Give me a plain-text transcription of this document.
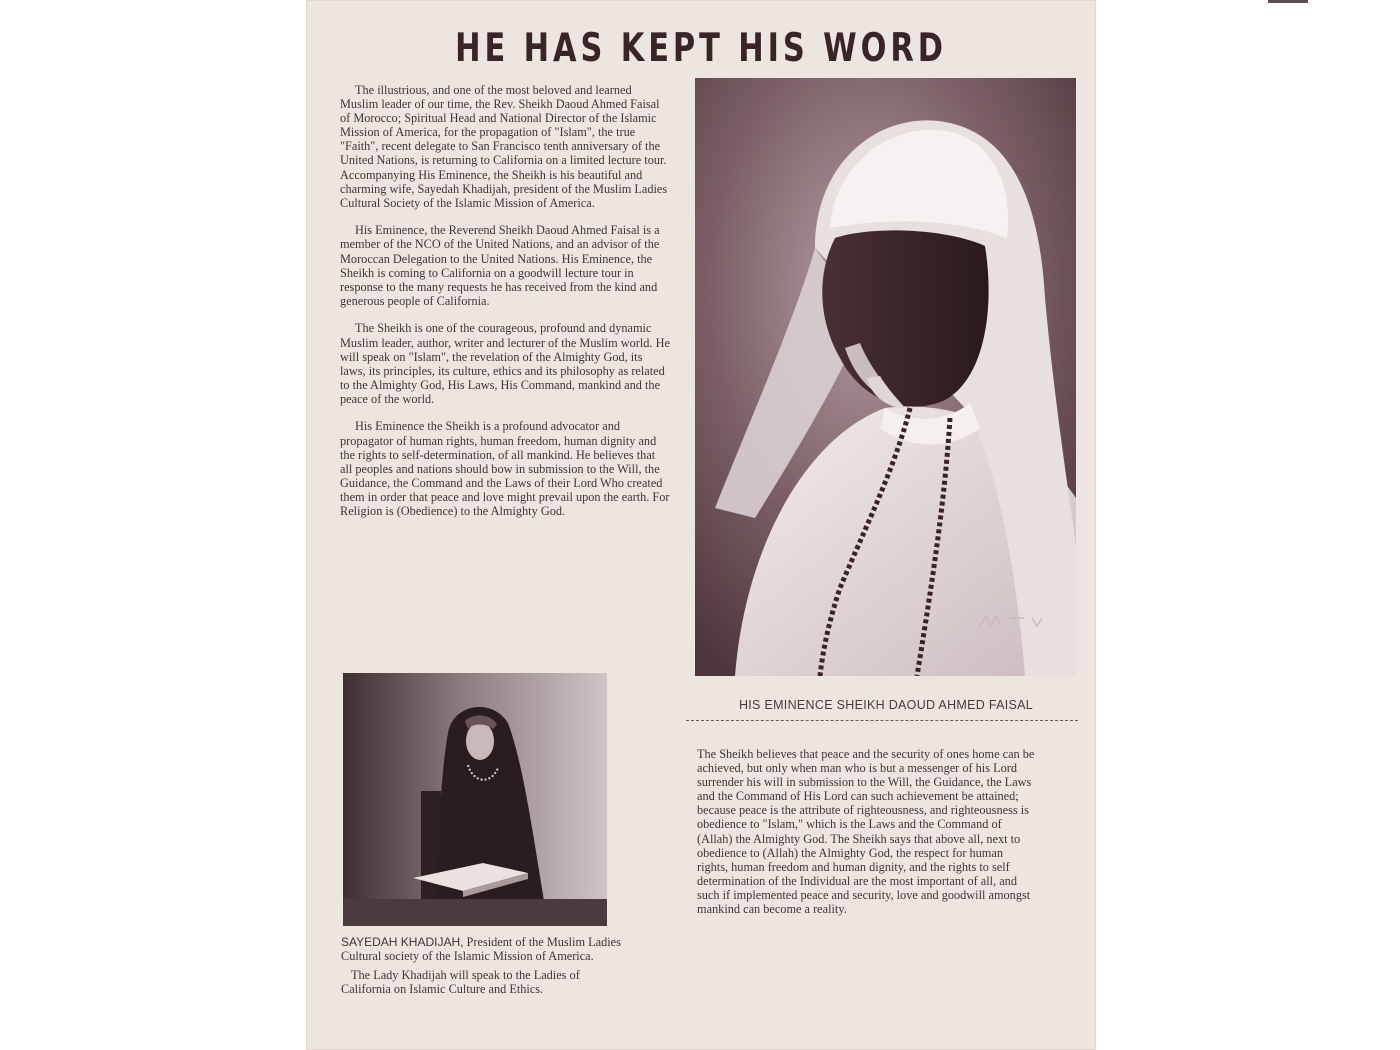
HE HAS KEPT HIS WORD

The illustrious, and one of the most beloved and learned Muslim leader of our time, the Rev. Sheikh Daoud Ahmed Faisal of Morocco; Spiritual Head and National Director of the Islamic Mission of America, for the propagation of "Islam", the true "Faith", recent delegate to San Francisco tenth anniversary of the United Nations, is returning to California on a limited lecture tour. Accompanying His Eminence, the Sheikh is his beautiful and charming wife, Sayedah Khadijah, president of the Muslim Ladies Cultural Society of the Islamic Mission of America.

His Eminence, the Reverend Sheikh Daoud Ahmed Faisal is a member of the NCO of the United Nations, and an advisor of the Moroccan Delegation to the United Nations. His Eminence, the Sheikh is coming to California on a goodwill lecture tour in response to the many requests he has received from the kind and generous people of California.

The Sheikh is one of the courageous, profound and dynamic Muslim leader, author, writer and lecturer of the Muslim world. He will speak on "Islam", the revelation of the Almighty God, its laws, its principles, its culture, ethics and its philosophy as related to the Almighty God, His Laws, His Command, mankind and the peace of the world.

His Eminence the Sheikh is a profound advocator and propagator of human rights, human freedom, human dignity and the rights to self-determination, of all mankind. He believes that all peoples and nations should bow in submission to the Will, the Guidance, the Command and the Laws of their Lord Who created them in order that peace and love might prevail upon the earth. For Religion is (Obedience) to the Almighty God.

HIS EMINENCE SHEIKH DAOUD AHMED FAISAL

The Sheikh believes that peace and the security of ones home can be achieved, but only when man who is but a messenger of his Lord surrender his will in submission to the Will, the Guidance, the Laws and the Command of His Lord can such achievement be attained; because peace is the attribute of righteousness, and righteousness is obedience to "Islam," which is the Laws and the Command of (Allah) the Almighty God. The Sheikh says that above all, next to obedience to (Allah) the Almighty God, the respect for human rights, human freedom and human dignity, and the rights to self determination of the Individual are the most important of all, and such if implemented peace and security, love and goodwill amongst mankind can become a reality.

SAYEDAH KHADIJAH, President of the Muslim Ladies Cultural society of the Islamic Mission of America.

The Lady Khadijah will speak to the Ladies of California on Islamic Culture and Ethics.
